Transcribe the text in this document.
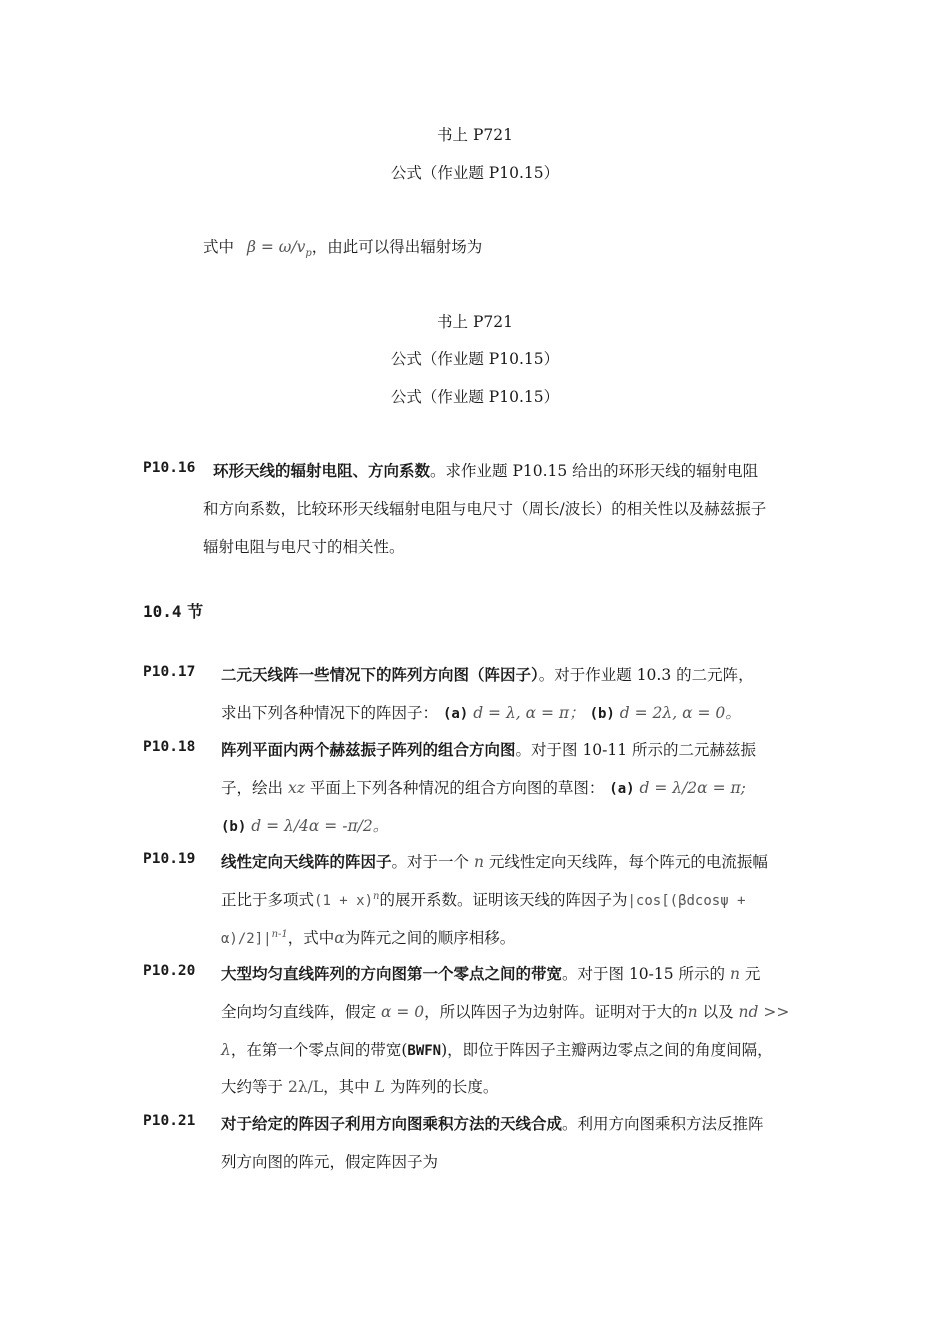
书上 P721
公式（作业题 P10.15）
式中 $\beta = \omega/v_p$，由此可以得出辐射场为
书上 P721
公式（作业题 P10.15）
公式（作业题 P10.15）
P10.16 环形天线的辐射电阻、方向系数。求作业题 P10.15 给出的环形天线的辐射电阻
和方向系数，比较环形天线辐射电阻与电尺寸（周长/波长）的相关性以及赫兹振子
辐射电阻与电尺寸的相关性。
10.4 节
P10.17 二元天线阵一些情况下的阵列方向图（阵因子）。对于作业题 10.3 的二元阵，
求出下列各种情况下的阵因子： (a) d = λ, α = π； (b) d = 2λ, α = 0。
P10.18 阵列平面内两个赫兹振子阵列的组合方向图。对于图 10-11 所示的二元赫兹振
子，绘出 xz 平面上下列各种情况的组合方向图的草图： (a) d = λ/2α = π;
(b) d = λ/4α = -π/2。
P10.19 线性定向天线阵的阵因子。对于一个 n 元线性定向天线阵，每个阵元的电流振幅
正比于多项式$(1 + x)^n$的展开系数。证明该天线的阵因子为|cos[(βdcosψ +
$\alpha)/2]|^{n-1}$，式中α为阵元之间的顺序相移。
P10.20 大型均匀直线阵列的方向图第一个零点之间的带宽。对于图 10-15 所示的 n 元
全向均匀直线阵，假定 α = 0，所以阵因子为边射阵。证明对于大的n 以及 nd >>
λ，在第一个零点间的带宽(BWFN)，即位于阵因子主瓣两边零点之间的角度间隔，
大约等于 2λ/L，其中 L 为阵列的长度。
P10.21 对于给定的阵因子利用方向图乘积方法的天线合成。利用方向图乘积方法反推阵
列方向图的阵元，假定阵因子为
